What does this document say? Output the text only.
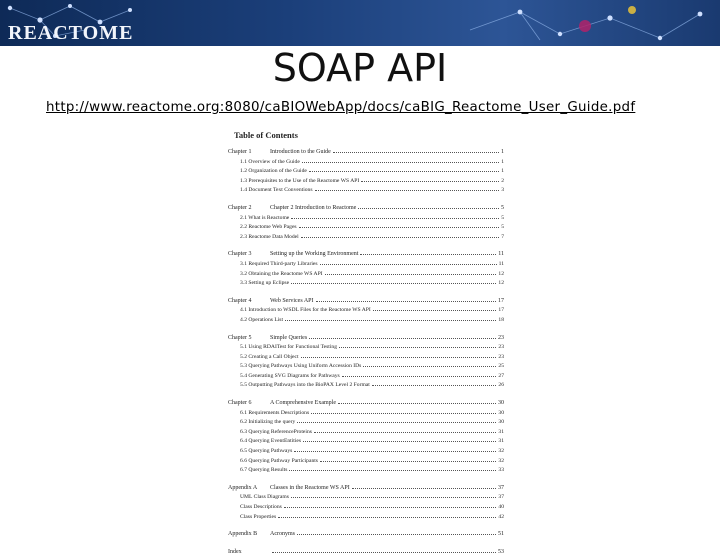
REACTOME
SOAP API
http://www.reactome.org:8080/caBIOWebApp/docs/caBIG_Reactome_User_Guide.pdf
Table of Contents
Chapter 1	Introduction to the Guide	1
1.1 Overview of the Guide	1
1.2 Organization of the Guide	1
1.3 Prerequisites to the Use of the Reactome WS API	2
1.4 Document Text Conventions	3
Chapter 2	Chapter 2 Introduction to Reactome	5
2.1 What is Reactome	5
2.2 Reactome Web Pages	5
2.3 Reactome Data Model	7
Chapter 3	Setting up the Working Environment	11
3.1 Required Third-party Libraries	11
3.2 Obtaining the Reactome WS API	12
3.3 Setting up Eclipse	12
Chapter 4	Web Services API	17
4.1 Introduction to WSDL Files for the Reactome WS API	17
4.2 Operations List	18
Chapter 5	Simple Queries	23
5.1 Using RDAITest for Functional Testing	23
5.2 Creating a Call Object	23
5.3 Querying Pathways Using Uniform Accession IDs	25
5.4 Generating SVG Diagrams for Pathways	27
5.5 Outputting Pathways into the BioPAX Level 2 Format	26
Chapter 6	A Comprehensive Example	30
6.1 Requirements Descriptions	30
6.2 Initializing the query	30
6.3 Querying ReferenceProteins	31
6.4 Querying EventEntities	31
6.5 Querying Pathways	32
6.6 Querying Pathway Participants	32
6.7 Querying Results	33
Appendix A Classes in the Reactome WS API	37
UML Class Diagrams	37
Class Descriptions	40
Class Properties	42
Appendix B Acronyms	51
Index	53
